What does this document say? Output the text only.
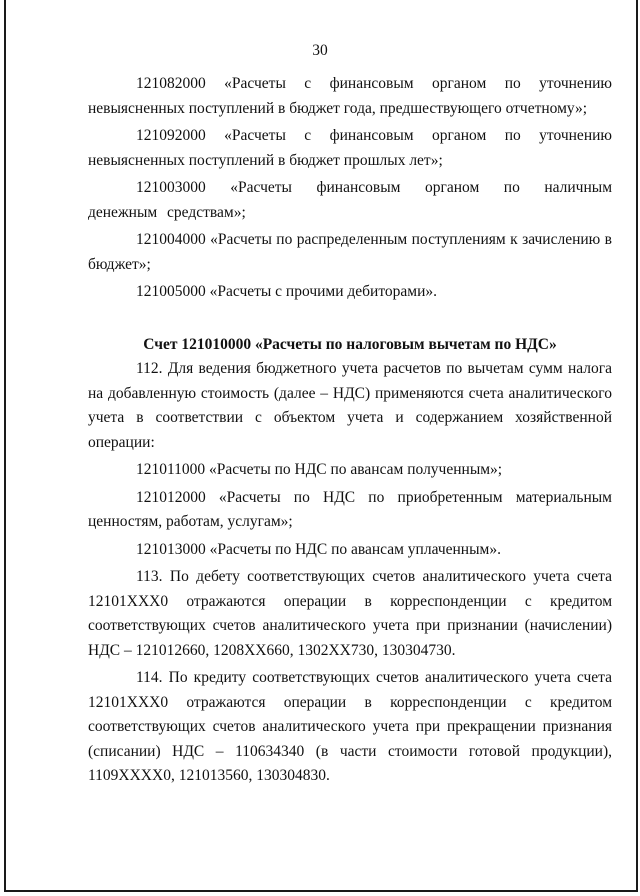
30

121082000 «Расчеты с финансовым органом по уточнению невыясненных поступлений в бюджет года, предшествующего отчетному»;

121092000 «Расчеты с финансовым органом по уточнению невыясненных поступлений в бюджет прошлых лет»;

121003000 «Расчеты финансовым органом по наличным денежным средствам»;

121004000 «Расчеты по распределенным поступлениям к зачислению в бюджет»;

121005000 «Расчеты с прочими дебиторами».

Счет 121010000 «Расчеты по налоговым вычетам по НДС»

112. Для ведения бюджетного учета расчетов по вычетам сумм налога на добавленную стоимость (далее – НДС) применяются счета аналитического учета в соответствии с объектом учета и содержанием хозяйственной операции:

121011000 «Расчеты по НДС по авансам полученным»;

121012000 «Расчеты по НДС по приобретенным материальным ценностям, работам, услугам»;

121013000 «Расчеты по НДС по авансам уплаченным».

113. По дебету соответствующих счетов аналитического учета счета 12101ХХХ0 отражаются операции в корреспонденции с кредитом соответствующих счетов аналитического учета при признании (начислении) НДС – 121012660, 1208ХХ660, 1302ХХ730, 130304730.

114. По кредиту соответствующих счетов аналитического учета счета 12101ХХХ0 отражаются операции в корреспонденции с кредитом соответствующих счетов аналитического учета при прекращении признания (списании) НДС – 110634340 (в части стоимости готовой продукции), 1109ХХХХ0, 121013560, 130304830.
